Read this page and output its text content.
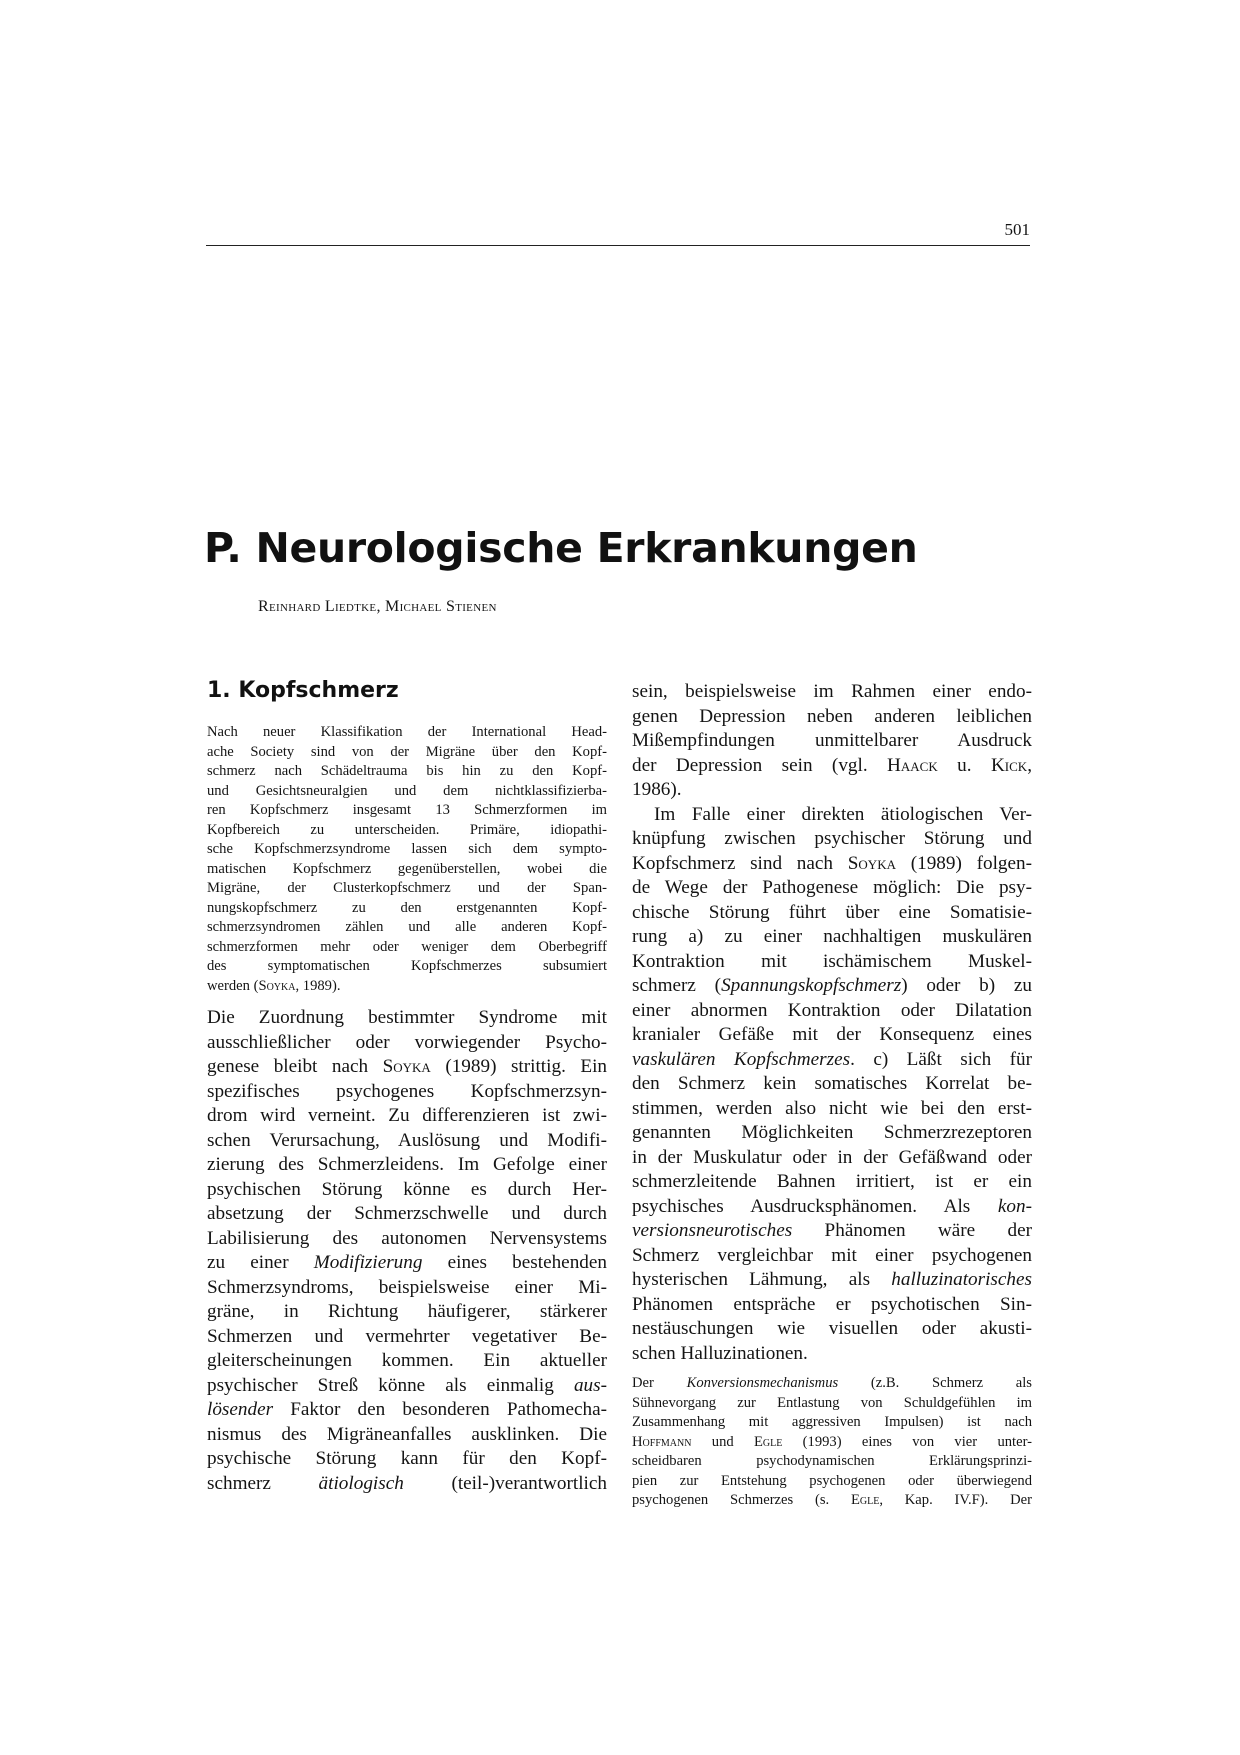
501
P. Neurologische Erkrankungen
Reinhard Liedtke, Michael Stienen
1. Kopfschmerz
Nach neuer Klassifikation der International Head-
ache Society sind von der Migräne über den Kopf-
schmerz nach Schädeltrauma bis hin zu den Kopf-
und Gesichtsneuralgien und dem nichtklassifizierba-
ren Kopfschmerz insgesamt 13 Schmerzformen im
Kopfbereich zu unterscheiden. Primäre, idiopathi-
sche Kopfschmerzsyndrome lassen sich dem sympto-
matischen Kopfschmerz gegenüberstellen, wobei die
Migräne, der Clusterkopfschmerz und der Span-
nungskopfschmerz zu den erstgenannten Kopf-
schmerzsyndromen zählen und alle anderen Kopf-
schmerzformen mehr oder weniger dem Oberbegriff
des symptomatischen Kopfschmerzes subsumiert
werden (Soyka, 1989).
Die Zuordnung bestimmter Syndrome mit
ausschließlicher oder vorwiegender Psycho-
genese bleibt nach Soyka (1989) strittig. Ein
spezifisches psychogenes Kopfschmerzsyn-
drom wird verneint. Zu differenzieren ist zwi-
schen Verursachung, Auslösung und Modifi-
zierung des Schmerzleidens. Im Gefolge einer
psychischen Störung könne es durch Her-
absetzung der Schmerzschwelle und durch
Labilisierung des autonomen Nervensystems
zu einer Modifizierung eines bestehenden
Schmerzsyndroms, beispielsweise einer Mi-
gräne, in Richtung häufigerer, stärkerer
Schmerzen und vermehrter vegetativer Be-
gleiterscheinungen kommen. Ein aktueller
psychischer Streß könne als einmalig aus-
lösender Faktor den besonderen Pathomecha-
nismus des Migräneanfalles ausklinken. Die
psychische Störung kann für den Kopf-
schmerz ätiologisch (teil-)verantwortlich
sein, beispielsweise im Rahmen einer endo-
genen Depression neben anderen leiblichen
Mißempfindungen unmittelbarer Ausdruck
der Depression sein (vgl. Haack u. Kick,
1986).
Im Falle einer direkten ätiologischen Ver-
knüpfung zwischen psychischer Störung und
Kopfschmerz sind nach Soyka (1989) folgen-
de Wege der Pathogenese möglich: Die psy-
chische Störung führt über eine Somatisie-
rung a) zu einer nachhaltigen muskulären
Kontraktion mit ischämischem Muskel-
schmerz (Spannungskopfschmerz) oder b) zu
einer abnormen Kontraktion oder Dilatation
kranialer Gefäße mit der Konsequenz eines
vaskulären Kopfschmerzes. c) Läßt sich für
den Schmerz kein somatisches Korrelat be-
stimmen, werden also nicht wie bei den erst-
genannten Möglichkeiten Schmerzrezeptoren
in der Muskulatur oder in der Gefäßwand oder
schmerzleitende Bahnen irritiert, ist er ein
psychisches Ausdrucksphänomen. Als kon-
versionsneurotisches Phänomen wäre der
Schmerz vergleichbar mit einer psychogenen
hysterischen Lähmung, als halluzinatorisches
Phänomen entspräche er psychotischen Sin-
nestäuschungen wie visuellen oder akusti-
schen Halluzinationen.
Der Konversionsmechanismus (z.B. Schmerz als
Sühnevorgang zur Entlastung von Schuldgefühlen im
Zusammenhang mit aggressiven Impulsen) ist nach
Hoffmann und Egle (1993) eines von vier unter-
scheidbaren psychodynamischen Erklärungsprinzi-
pien zur Entstehung psychogenen oder überwiegend
psychogenen Schmerzes (s. Egle, Kap. IV.F). Der
